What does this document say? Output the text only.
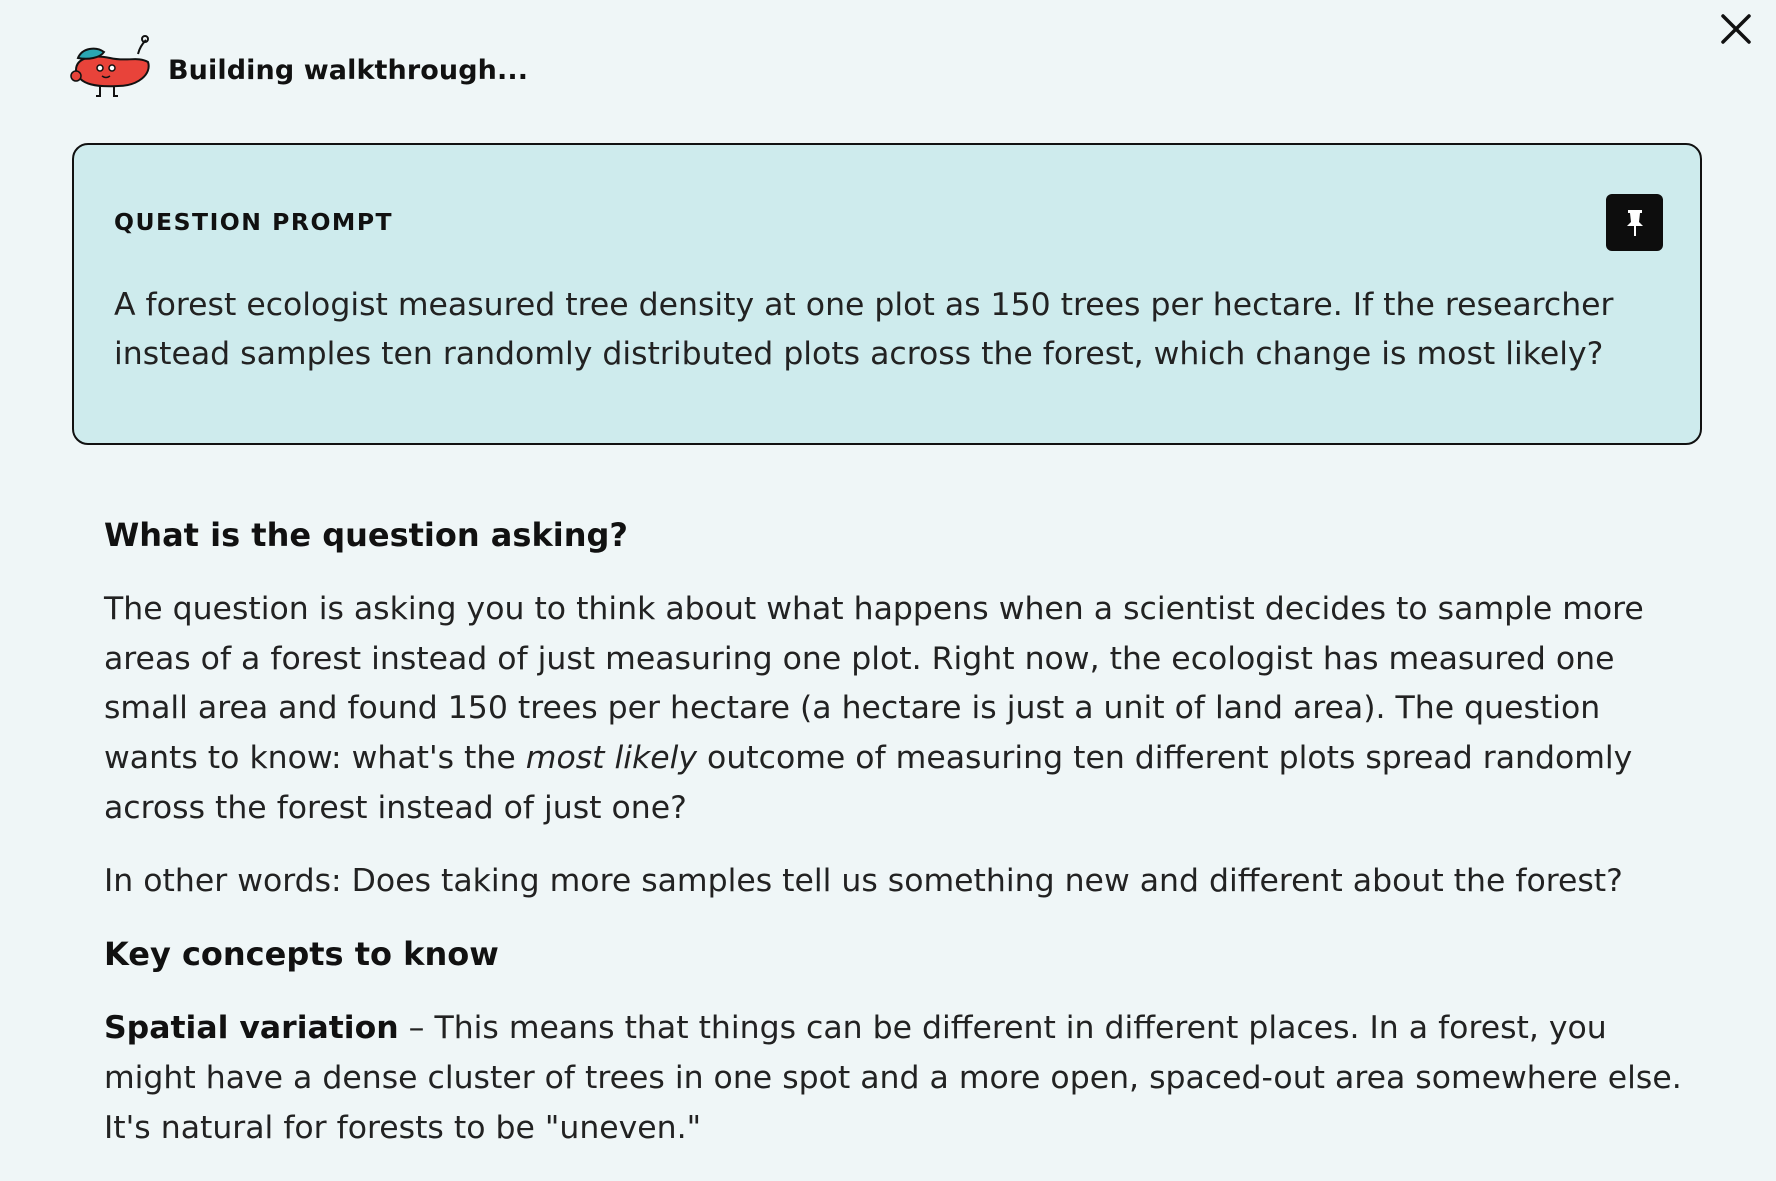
Building walkthrough...
QUESTION PROMPT

A forest ecologist measured tree density at one plot as 150 trees per hectare. If the researcher instead samples ten randomly distributed plots across the forest, which change is most likely?

What is the question asking?

The question is asking you to think about what happens when a scientist decides to sample more areas of a forest instead of just measuring one plot. Right now, the ecologist has measured one small area and found 150 trees per hectare (a hectare is just a unit of land area). The question wants to know: what's the most likely outcome of measuring ten different plots spread randomly across the forest instead of just one?

In other words: Does taking more samples tell us something new and different about the forest?

Key concepts to know

Spatial variation – This means that things can be different in different places. In a forest, you might have a dense cluster of trees in one spot and a more open, spaced-out area somewhere else. It's natural for forests to be "uneven."
